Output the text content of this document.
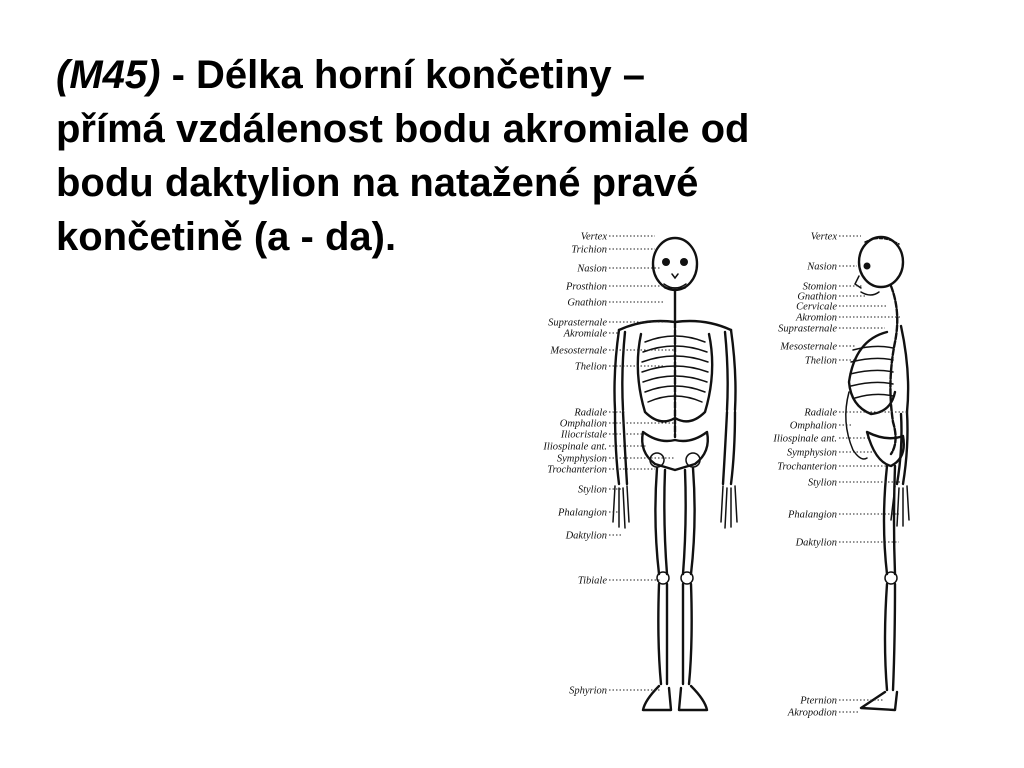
(M45) - Délka horní končetiny –
přímá vzdálenost bodu akromiale od
bodu daktylion na natažené pravé
končetině (a - da).	Vertex
Trichion
Nasion
Prosthion
Gnathion
Suprasternale
Akromiale
Mesosternale
Thelion
Radiale
Omphalion
Iliocristale
Iliospinale ant.
Symphysion
Trochanterion
Stylion
Phalangion
Daktylion
Tibiale
Sphyrion
Vertex
Nasion
Stomion
Gnathion
Cervicale
Akromion
Suprasternale
Mesosternale
Thelion
Radiale
Omphalion
Iliospinale ant.
Symphysion
Trochanterion
Stylion
Phalangion
Daktylion
Pternion
Akropodion
